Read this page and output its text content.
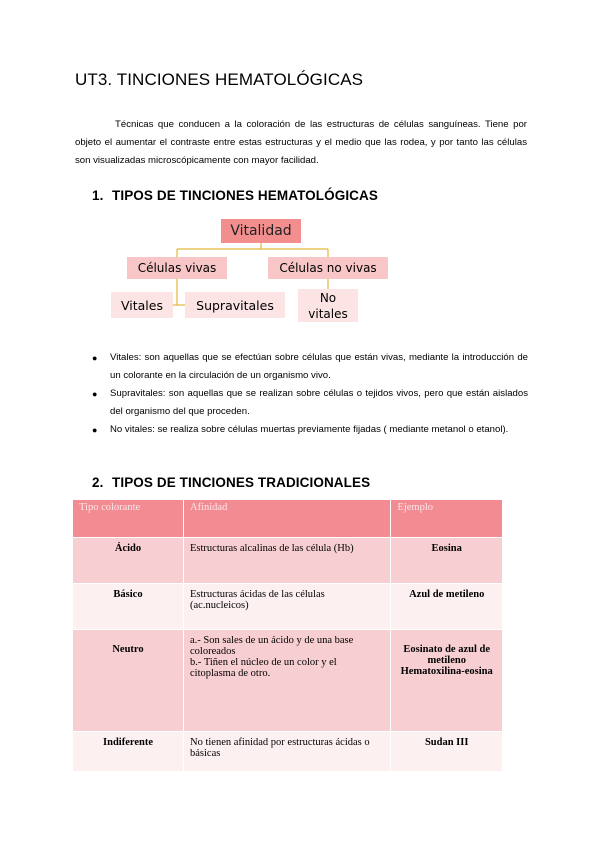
UT3. TINCIONES HEMATOLÓGICAS
Técnicas que conducen a la coloración de las estructuras de células sanguíneas. Tiene por objeto el aumentar el contraste entre estas estructuras y el medio que las rodea, y por tanto las células son visualizadas microscópicamente con mayor facilidad.
1. TIPOS DE TINCIONES HEMATOLÓGICAS
Vitalidad
Células vivas	Células no vivas
Vitales	Supravitales	No
vitales
● Vitales: son aquellas que se efectúan sobre células que están vivas, mediante la introducción de un colorante en la circulación de un organismo vivo.
● Supravitales: son aquellas que se realizan sobre células o tejidos vivos, pero que están aislados del organismo del que proceden.
● No vitales: se realiza sobre células muertas previamente fijadas ( mediante metanol o etanol).
2. TIPOS DE TINCIONES TRADICIONALES
Tipo colorante	Afinidad	Ejemplo
Ácido	Estructuras alcalinas de las célula (Hb)	Eosina
Básico	Estructuras ácidas de las células (ac.nucleicos)	Azul de metileno
Neutro	a.- Son sales de un ácido y de una base coloreados
b.- Tiñen el núcleo de un color y el citoplasma de otro.	Eosinato de azul de metileno Hematoxilina-eosina
Indiferente	No tienen afinidad por estructuras ácidas o básicas	Sudan III
